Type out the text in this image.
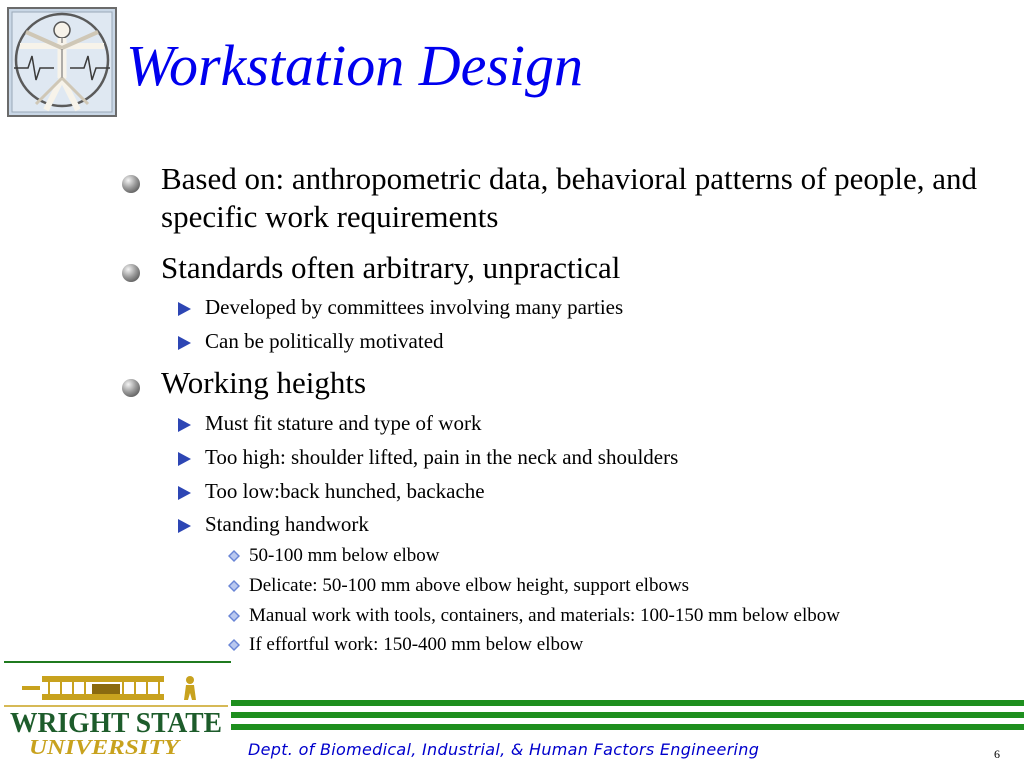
Workstation Design
Based on: anthropometric data, behavioral patterns of people, and specific work requirements
Standards often arbitrary, unpractical
Developed by committees involving many parties
Can be politically motivated
Working heights
Must fit stature and type of work
Too high: shoulder lifted, pain in the neck and shoulders
Too low:back hunched, backache
Standing handwork
50-100 mm below elbow
Delicate: 50-100 mm above elbow height, support elbows
Manual work with tools, containers, and materials: 100-150 mm below elbow
If effortful work: 150-400 mm below elbow
WRIGHT STATE
UNIVERSITY	Dept. of Biomedical, Industrial, & Human Factors Engineering	6
